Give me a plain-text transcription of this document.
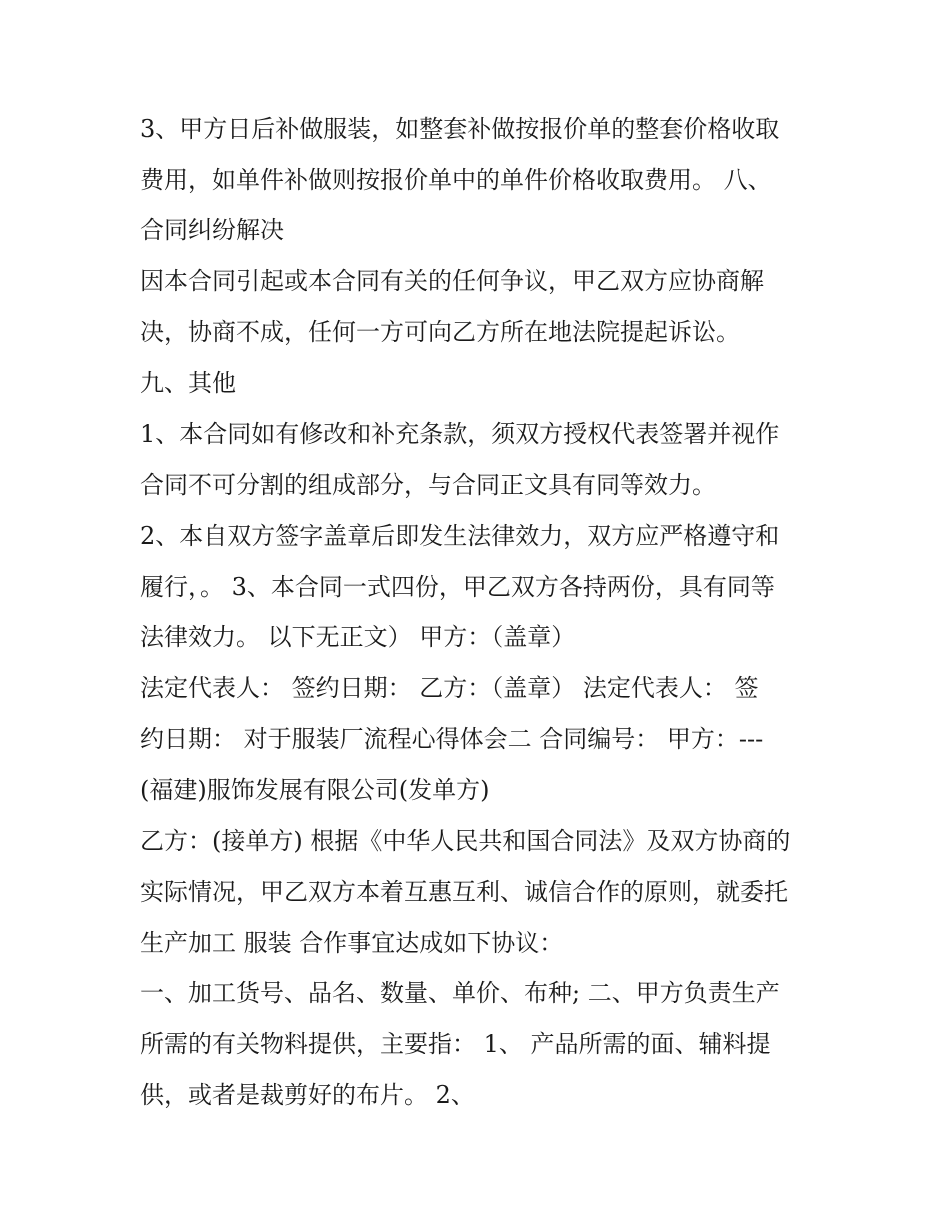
3、甲方日后补做服装，如整套补做按报价单的整套价格收取

费用，如单件补做则按报价单中的单件价格收取费用。 八、

合同纠纷解决

因本合同引起或本合同有关的任何争议，甲乙双方应协商解

决，协商不成，任何一方可向乙方所在地法院提起诉讼。

九、其他

1、本合同如有修改和补充条款，须双方授权代表签署并视作

合同不可分割的组成部分，与合同正文具有同等效力。

2、本自双方签字盖章后即发生法律效力，双方应严格遵守和

履行，。 3、本合同一式四份，甲乙双方各持两份，具有同等

法律效力。 以下无正文） 甲方：（盖章）

法定代表人： 签约日期： 乙方：（盖章） 法定代表人： 签

约日期： 对于服装厂流程心得体会二 合同编号： 甲方：---

(福建)服饰发展有限公司(发单方)

乙方：(接单方) 根据《中华人民共和国合同法》及双方协商的

实际情况，甲乙双方本着互惠互利、诚信合作的原则，就委托

生产加工 服装 合作事宜达成如下协议：

一、加工货号、品名、数量、单价、布种; 二、甲方负责生产

所需的有关物料提供，主要指： 1、 产品所需的面、辅料提

供，或者是裁剪好的布片。 2、
